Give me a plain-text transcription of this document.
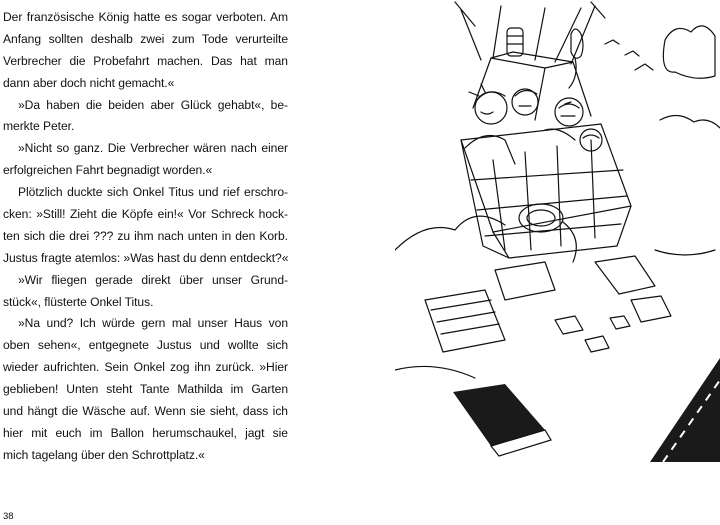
Der französische König hatte es sogar verboten. Am
Anfang sollten deshalb zwei zum Tode verurteilte
Verbrecher die Probefahrt machen. Das hat man
dann aber doch nicht gemacht.«
»Da haben die beiden aber Glück gehabt«, be-
merkte Peter.
»Nicht so ganz. Die Verbrecher wären nach einer
erfolgreichen Fahrt begnadigt worden.«
Plötzlich duckte sich Onkel Titus und rief erschro-
cken: »Still! Zieht die Köpfe ein!« Vor Schreck hock-
ten sich die drei ??? zu ihm nach unten in den Korb.
Justus fragte atemlos: »Was hast du denn entdeckt?«
»Wir fliegen gerade direkt über unser Grund-
stück«, flüsterte Onkel Titus.
»Na und? Ich würde gern mal unser Haus von
oben sehen«, entgegnete Justus und wollte sich
wieder aufrichten. Sein Onkel zog ihn zurück. »Hier
geblieben! Unten steht Tante Mathilda im Garten
und hängt die Wäsche auf. Wenn sie sieht, dass ich
hier mit euch im Ballon herumschaukel, jagt sie
mich tagelang über den Schrottplatz.«
38
